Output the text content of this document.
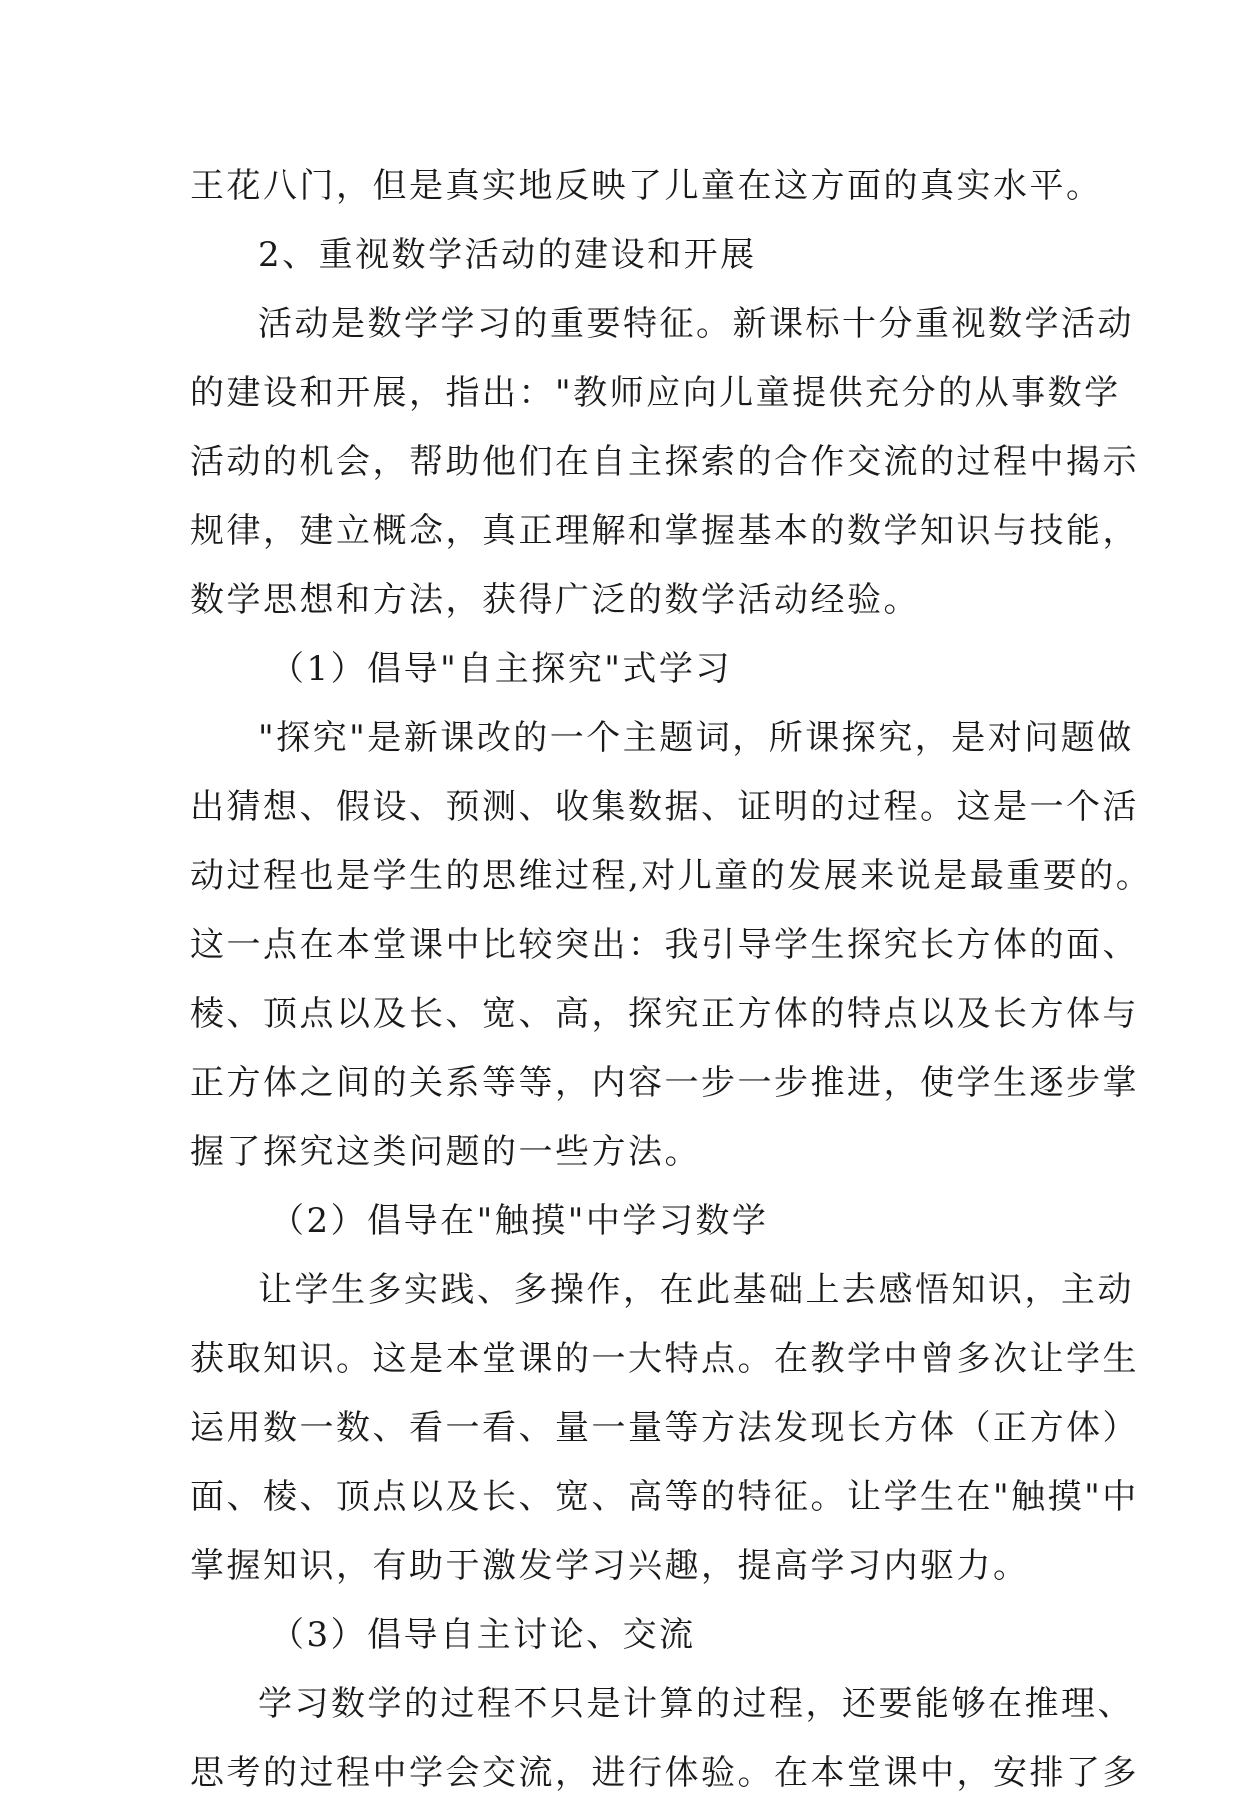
王花八门，但是真实地反映了儿童在这方面的真实水平。
2、重视数学活动的建设和开展
活动是数学学习的重要特征。新课标十分重视数学活动
的建设和开展，指出："教师应向儿童提供充分的从事数学
活动的机会，帮助他们在自主探索的合作交流的过程中揭示
规律，建立概念，真正理解和掌握基本的数学知识与技能，
数学思想和方法，获得广泛的数学活动经验。
（1）倡导"自主探究"式学习
"探究"是新课改的一个主题词，所课探究，是对问题做
出猜想、假设、预测、收集数据、证明的过程。这是一个活
动过程也是学生的思维过程,对儿童的发展来说是最重要的。
这一点在本堂课中比较突出：我引导学生探究长方体的面、
棱、顶点以及长、宽、高，探究正方体的特点以及长方体与
正方体之间的关系等等，内容一步一步推进，使学生逐步掌
握了探究这类问题的一些方法。
（2）倡导在"触摸"中学习数学
让学生多实践、多操作，在此基础上去感悟知识，主动
获取知识。这是本堂课的一大特点。在教学中曾多次让学生
运用数一数、看一看、量一量等方法发现长方体（正方体）
面、棱、顶点以及长、宽、高等的特征。让学生在"触摸"中
掌握知识，有助于激发学习兴趣，提高学习内驱力。
（3）倡导自主讨论、交流
学习数学的过程不只是计算的过程，还要能够在推理、
思考的过程中学会交流，进行体验。在本堂课中，安排了多
